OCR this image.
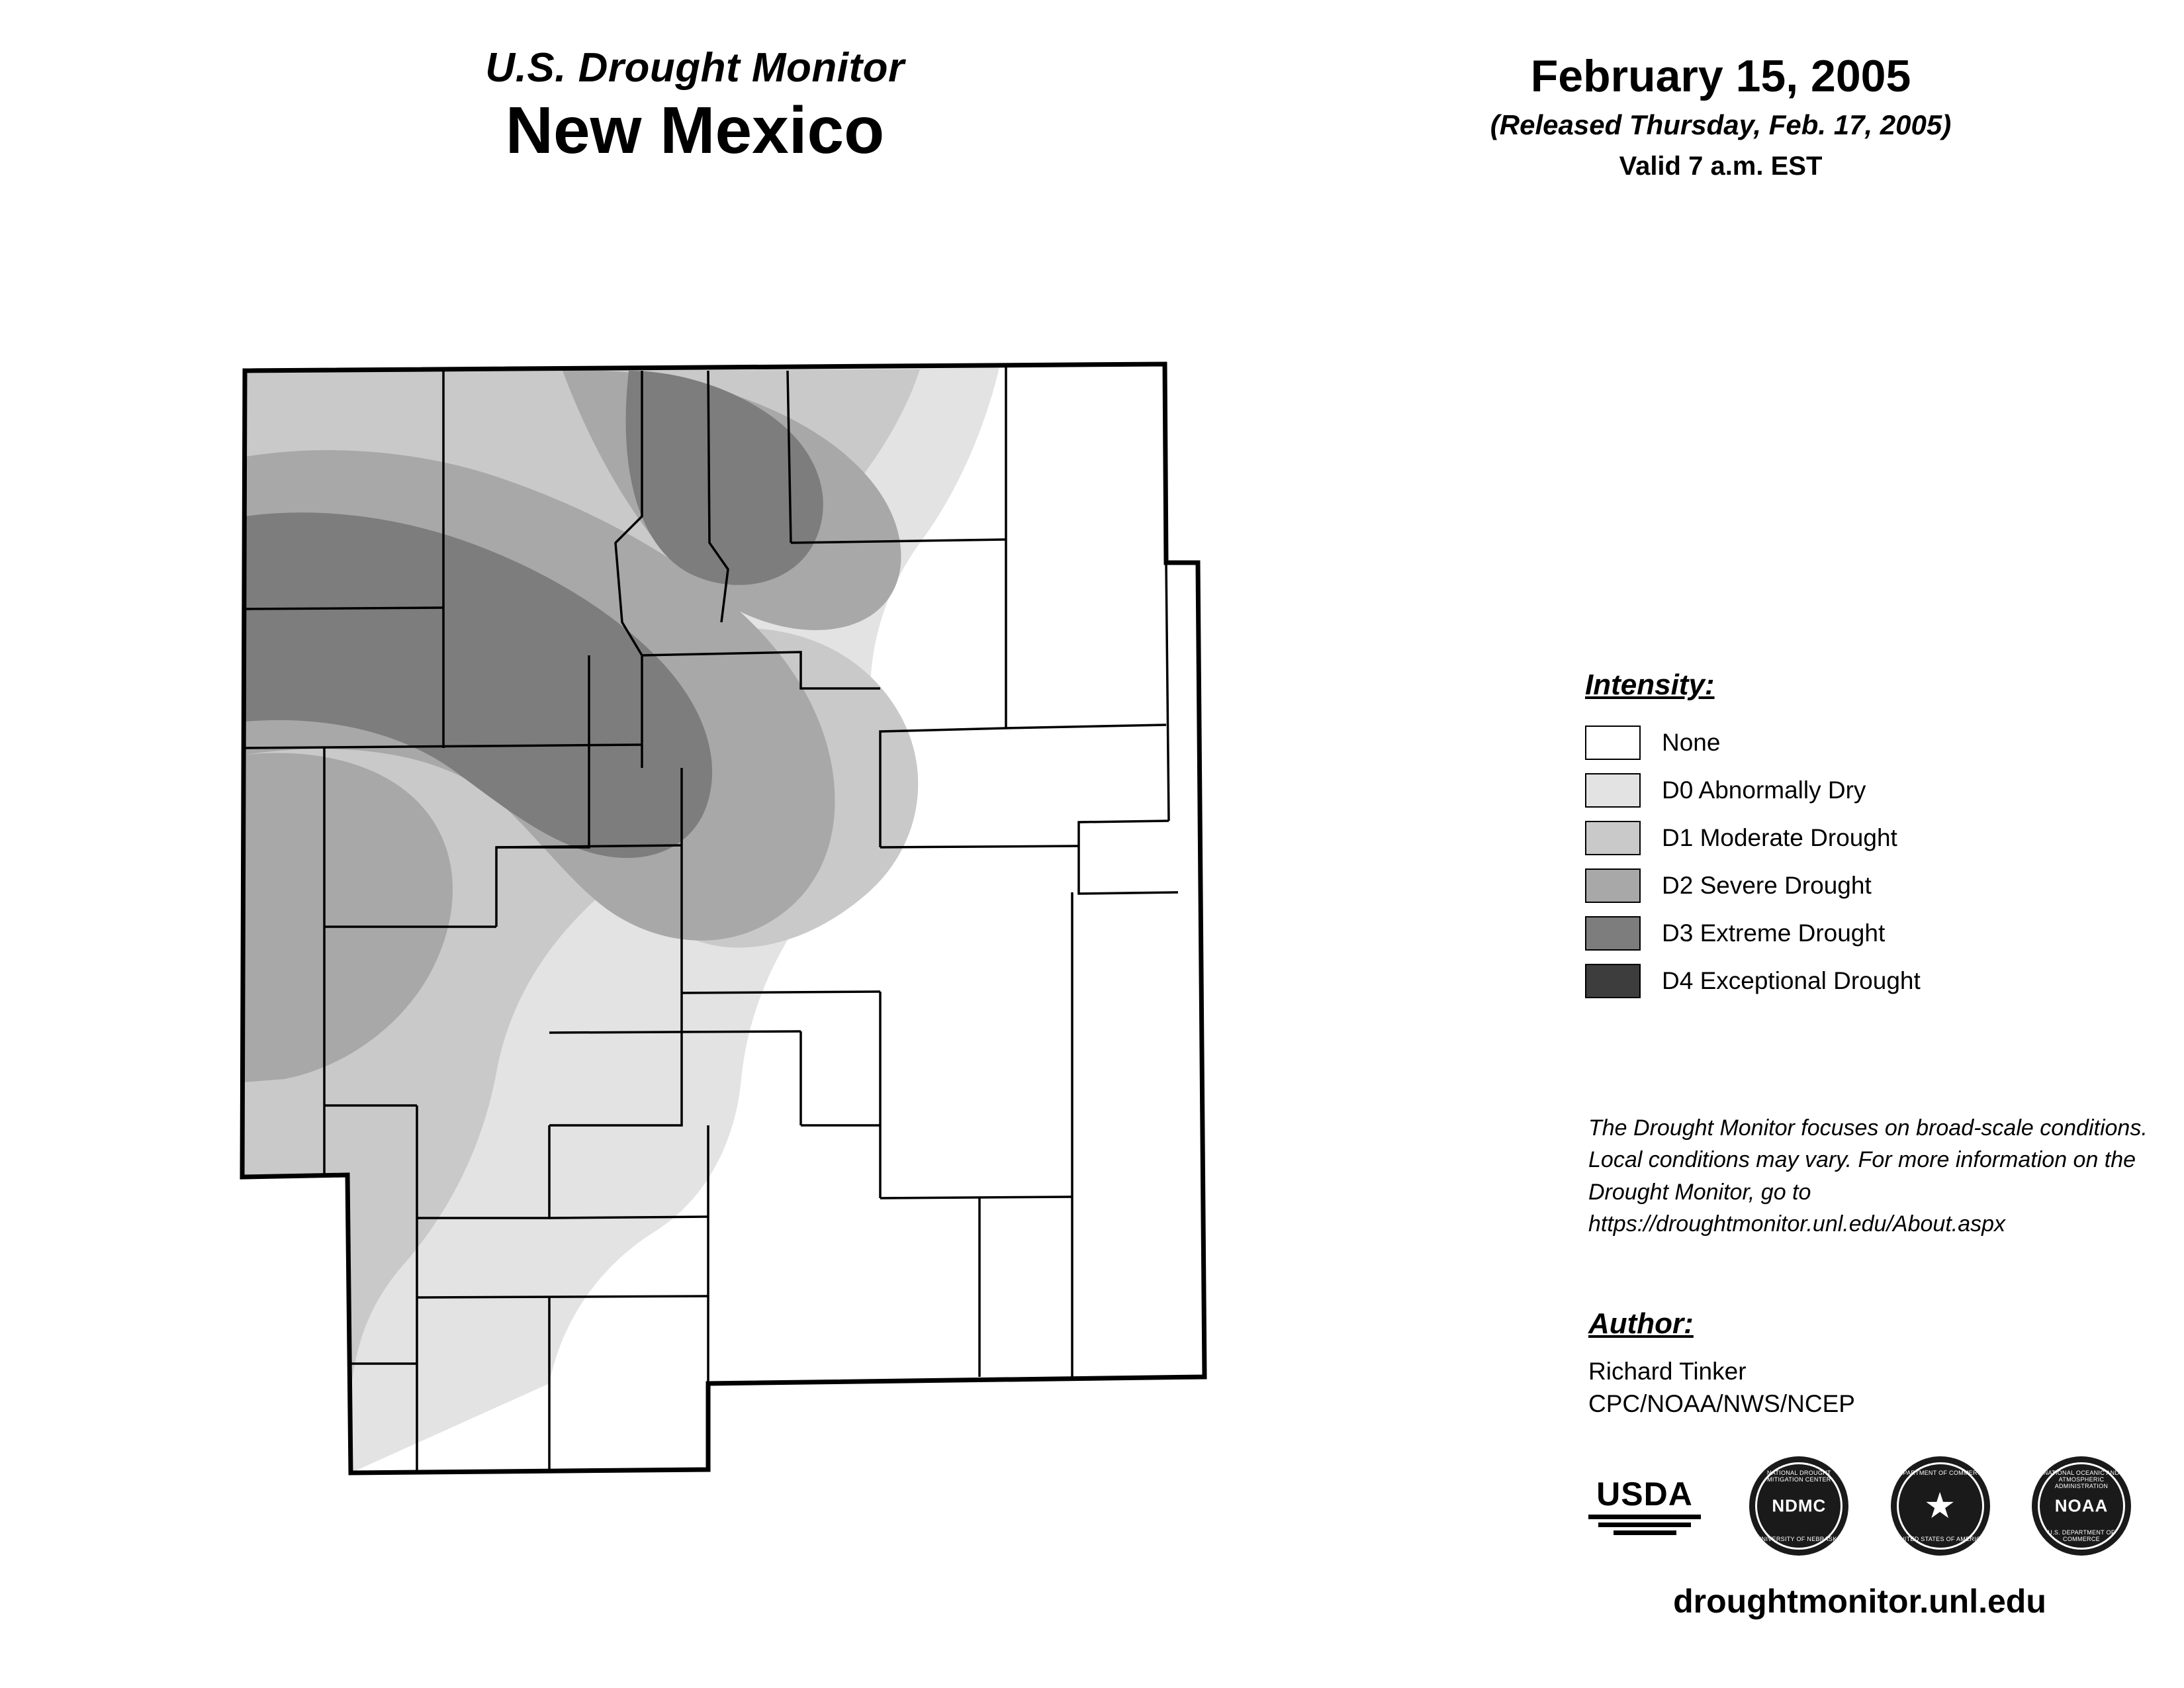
U.S. Drought Monitor
New Mexico
February 15, 2005
(Released Thursday, Feb. 17, 2005)
Valid 7 a.m. EST
Intensity:
None
D0 Abnormally Dry
D1 Moderate Drought
D2 Severe Drought
D3 Extreme Drought
D4 Exceptional Drought
The Drought Monitor focuses on broad-scale conditions. Local conditions may vary. For more information on the Drought Monitor, go to https://droughtmonitor.unl.edu/About.aspx
Author:
Richard Tinker
CPC/NOAA/NWS/NCEP
USDA
NATIONAL DROUGHT MITIGATION CENTER
NDMC
UNIVERSITY OF NEBRASKA
DEPARTMENT OF COMMERCE
★
UNITED STATES OF AMERICA
NATIONAL OCEANIC AND ATMOSPHERIC ADMINISTRATION
NOAA
U.S. DEPARTMENT OF COMMERCE
droughtmonitor.unl.edu
